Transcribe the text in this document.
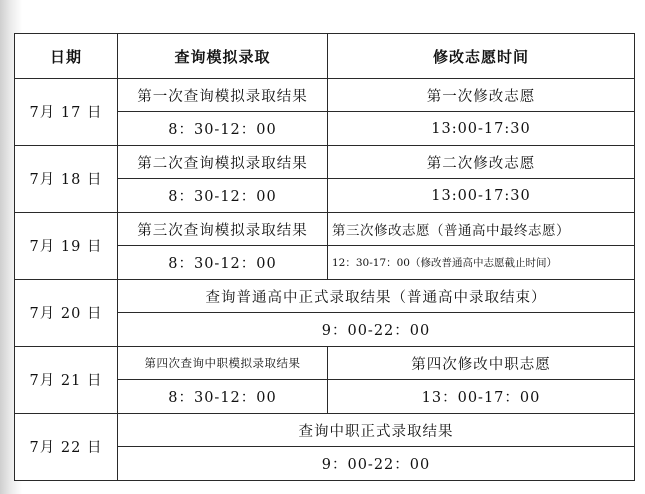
日期	查询模拟录取	修改志愿时间
7月 17 日	第一次查询模拟录取结果	第一次修改志愿
	8：30-12：00	13:00-17:30
7月 18 日	第二次查询模拟录取结果	第二次修改志愿
	8：30-12：00	13:00-17:30
7月 19 日	第三次查询模拟录取结果	第三次修改志愿（普通高中最终志愿）
	8：30-12：00	12：30-17：00（修改普通高中志愿截止时间）
7月 20 日	查询普通高中正式录取结果（普通高中录取结束）	
	9：00-22：00	
7月 21 日	第四次查询中职模拟录取结果	第四次修改中职志愿
	8：30-12：00	13：00-17：00
7月 22 日	查询中职正式录取结果	
	9：00-22：00	
